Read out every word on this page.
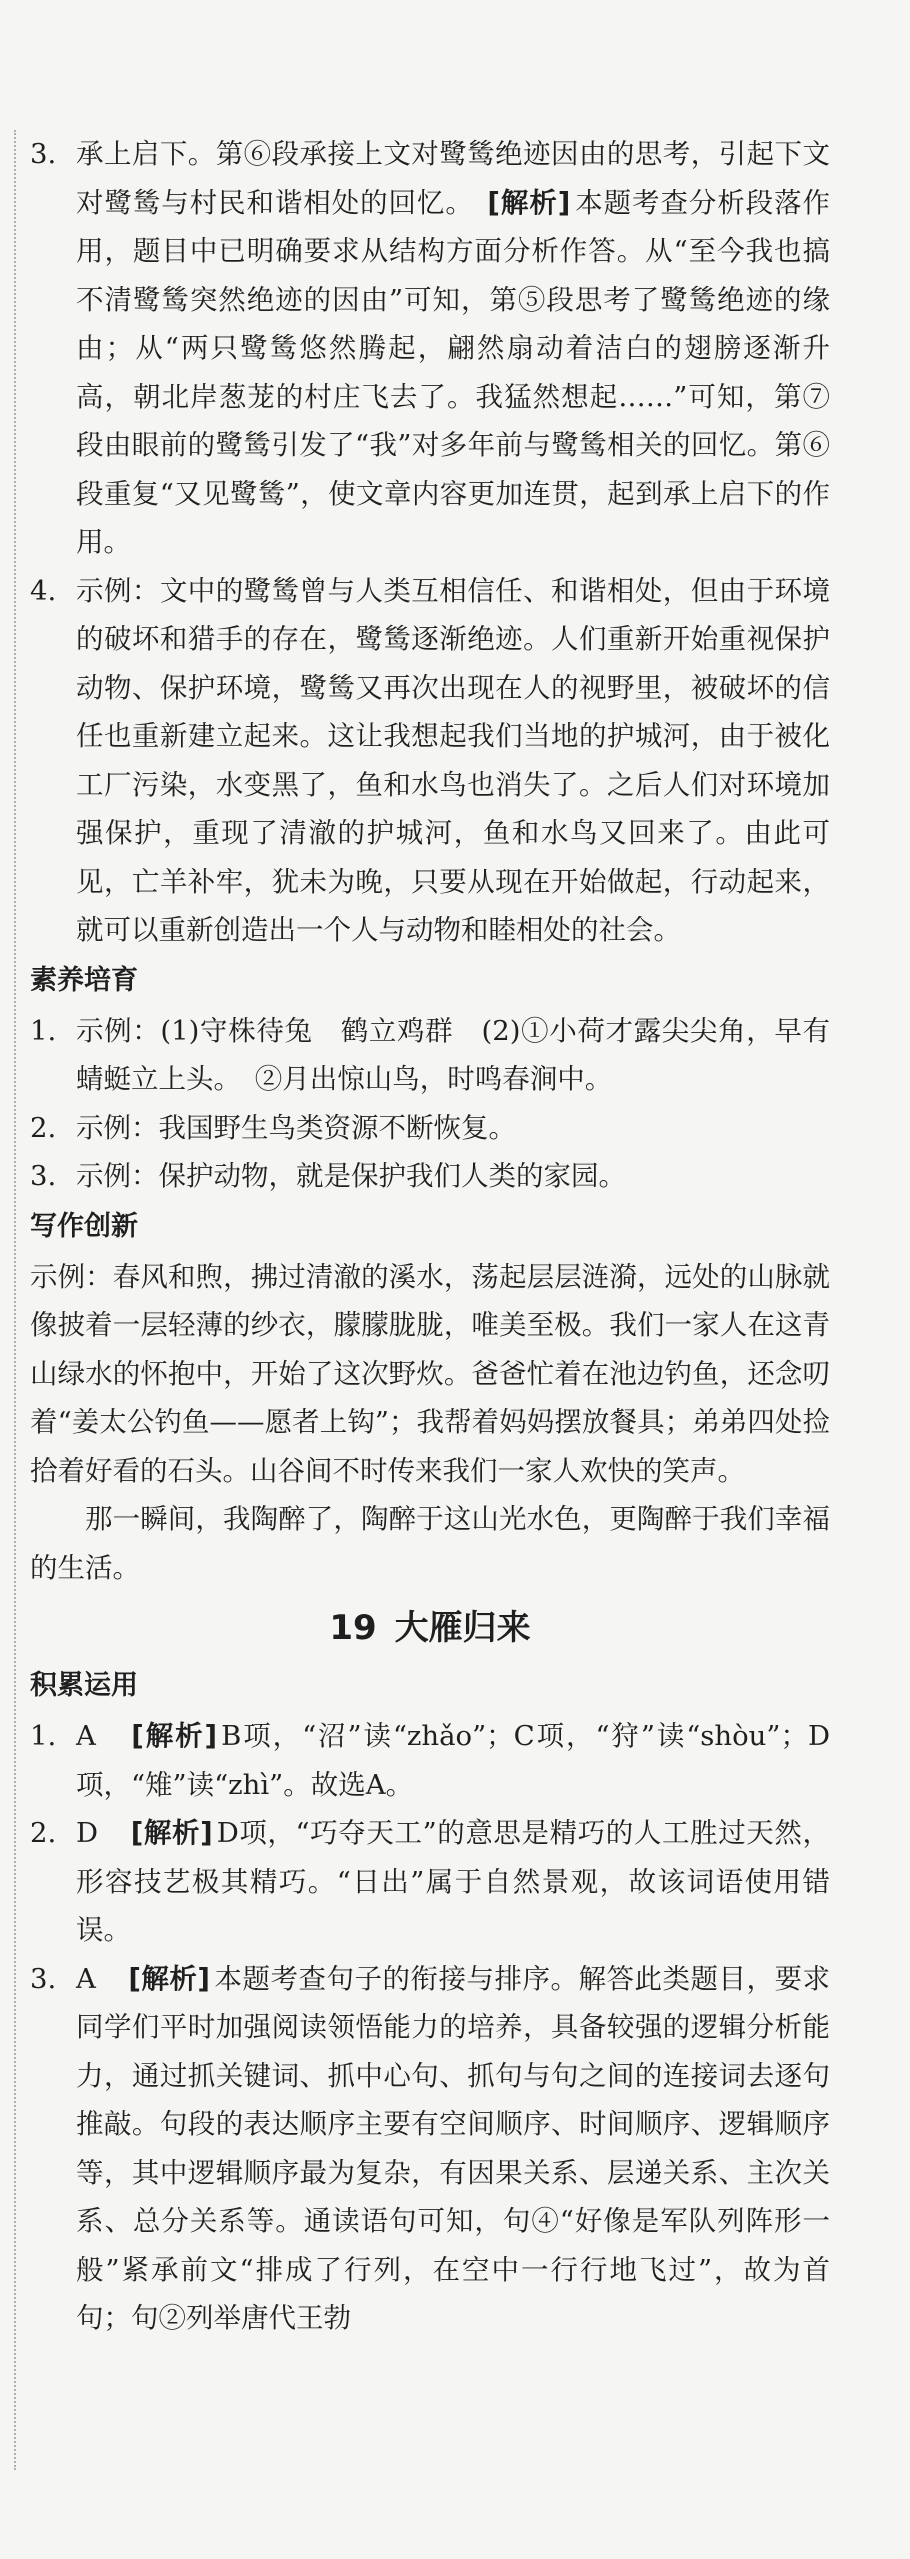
3. 承上启下。第⑥段承接上文对鹭鸶绝迹因由的思考，引起下文对鹭鸶与村民和谐相处的回忆。 [解析] 本题考查分析段落作用，题目中已明确要求从结构方面分析作答。从“至今我也搞不清鹭鸶突然绝迹的因由”可知，第⑤段思考了鹭鸶绝迹的缘由；从“两只鹭鸶悠然腾起，翩然扇动着洁白的翅膀逐渐升高，朝北岸葱茏的村庄飞去了。我猛然想起……”可知，第⑦段由眼前的鹭鸶引发了“我”对多年前与鹭鸶相关的回忆。第⑥段重复“又见鹭鸶”，使文章内容更加连贯，起到承上启下的作用。
4. 示例：文中的鹭鸶曾与人类互相信任、和谐相处，但由于环境的破坏和猎手的存在，鹭鸶逐渐绝迹。人们重新开始重视保护动物、保护环境，鹭鸶又再次出现在人的视野里，被破坏的信任也重新建立起来。这让我想起我们当地的护城河，由于被化工厂污染，水变黑了，鱼和水鸟也消失了。之后人们对环境加强保护，重现了清澈的护城河，鱼和水鸟又回来了。由此可见，亡羊补牢，犹未为晚，只要从现在开始做起，行动起来，就可以重新创造出一个人与动物和睦相处的社会。
素养培育
1. 示例：(1)守株待兔　鹤立鸡群　(2)①小荷才露尖尖角，早有蜻蜓立上头。　②月出惊山鸟，时鸣春涧中。
2. 示例：我国野生鸟类资源不断恢复。
3. 示例：保护动物，就是保护我们人类的家园。
写作创新
示例：春风和煦，拂过清澈的溪水，荡起层层涟漪，远处的山脉就像披着一层轻薄的纱衣，朦朦胧胧，唯美至极。我们一家人在这青山绿水的怀抱中，开始了这次野炊。爸爸忙着在池边钓鱼，还念叨着“姜太公钓鱼——愿者上钩”；我帮着妈妈摆放餐具；弟弟四处捡拾着好看的石头。山谷间不时传来我们一家人欢快的笑声。
那一瞬间，我陶醉了，陶醉于这山光水色，更陶醉于我们幸福的生活。
19 大雁归来
积累运用
1. A　[解析] B项，“沼”读“zhǎo”；C项，“狩”读“shòu”；D项，“雉”读“zhì”。故选A。
2. D　[解析] D项，“巧夺天工”的意思是精巧的人工胜过天然，形容技艺极其精巧。“日出”属于自然景观，故该词语使用错误。
3. A　[解析] 本题考查句子的衔接与排序。解答此类题目，要求同学们平时加强阅读领悟能力的培养，具备较强的逻辑分析能力，通过抓关键词、抓中心句、抓句与句之间的连接词去逐句推敲。句段的表达顺序主要有空间顺序、时间顺序、逻辑顺序等，其中逻辑顺序最为复杂，有因果关系、层递关系、主次关系、总分关系等。通读语句可知，句④“好像是军队列阵形一般”紧承前文“排成了行列，在空中一行行地飞过”，故为首句；句②列举唐代王勃
